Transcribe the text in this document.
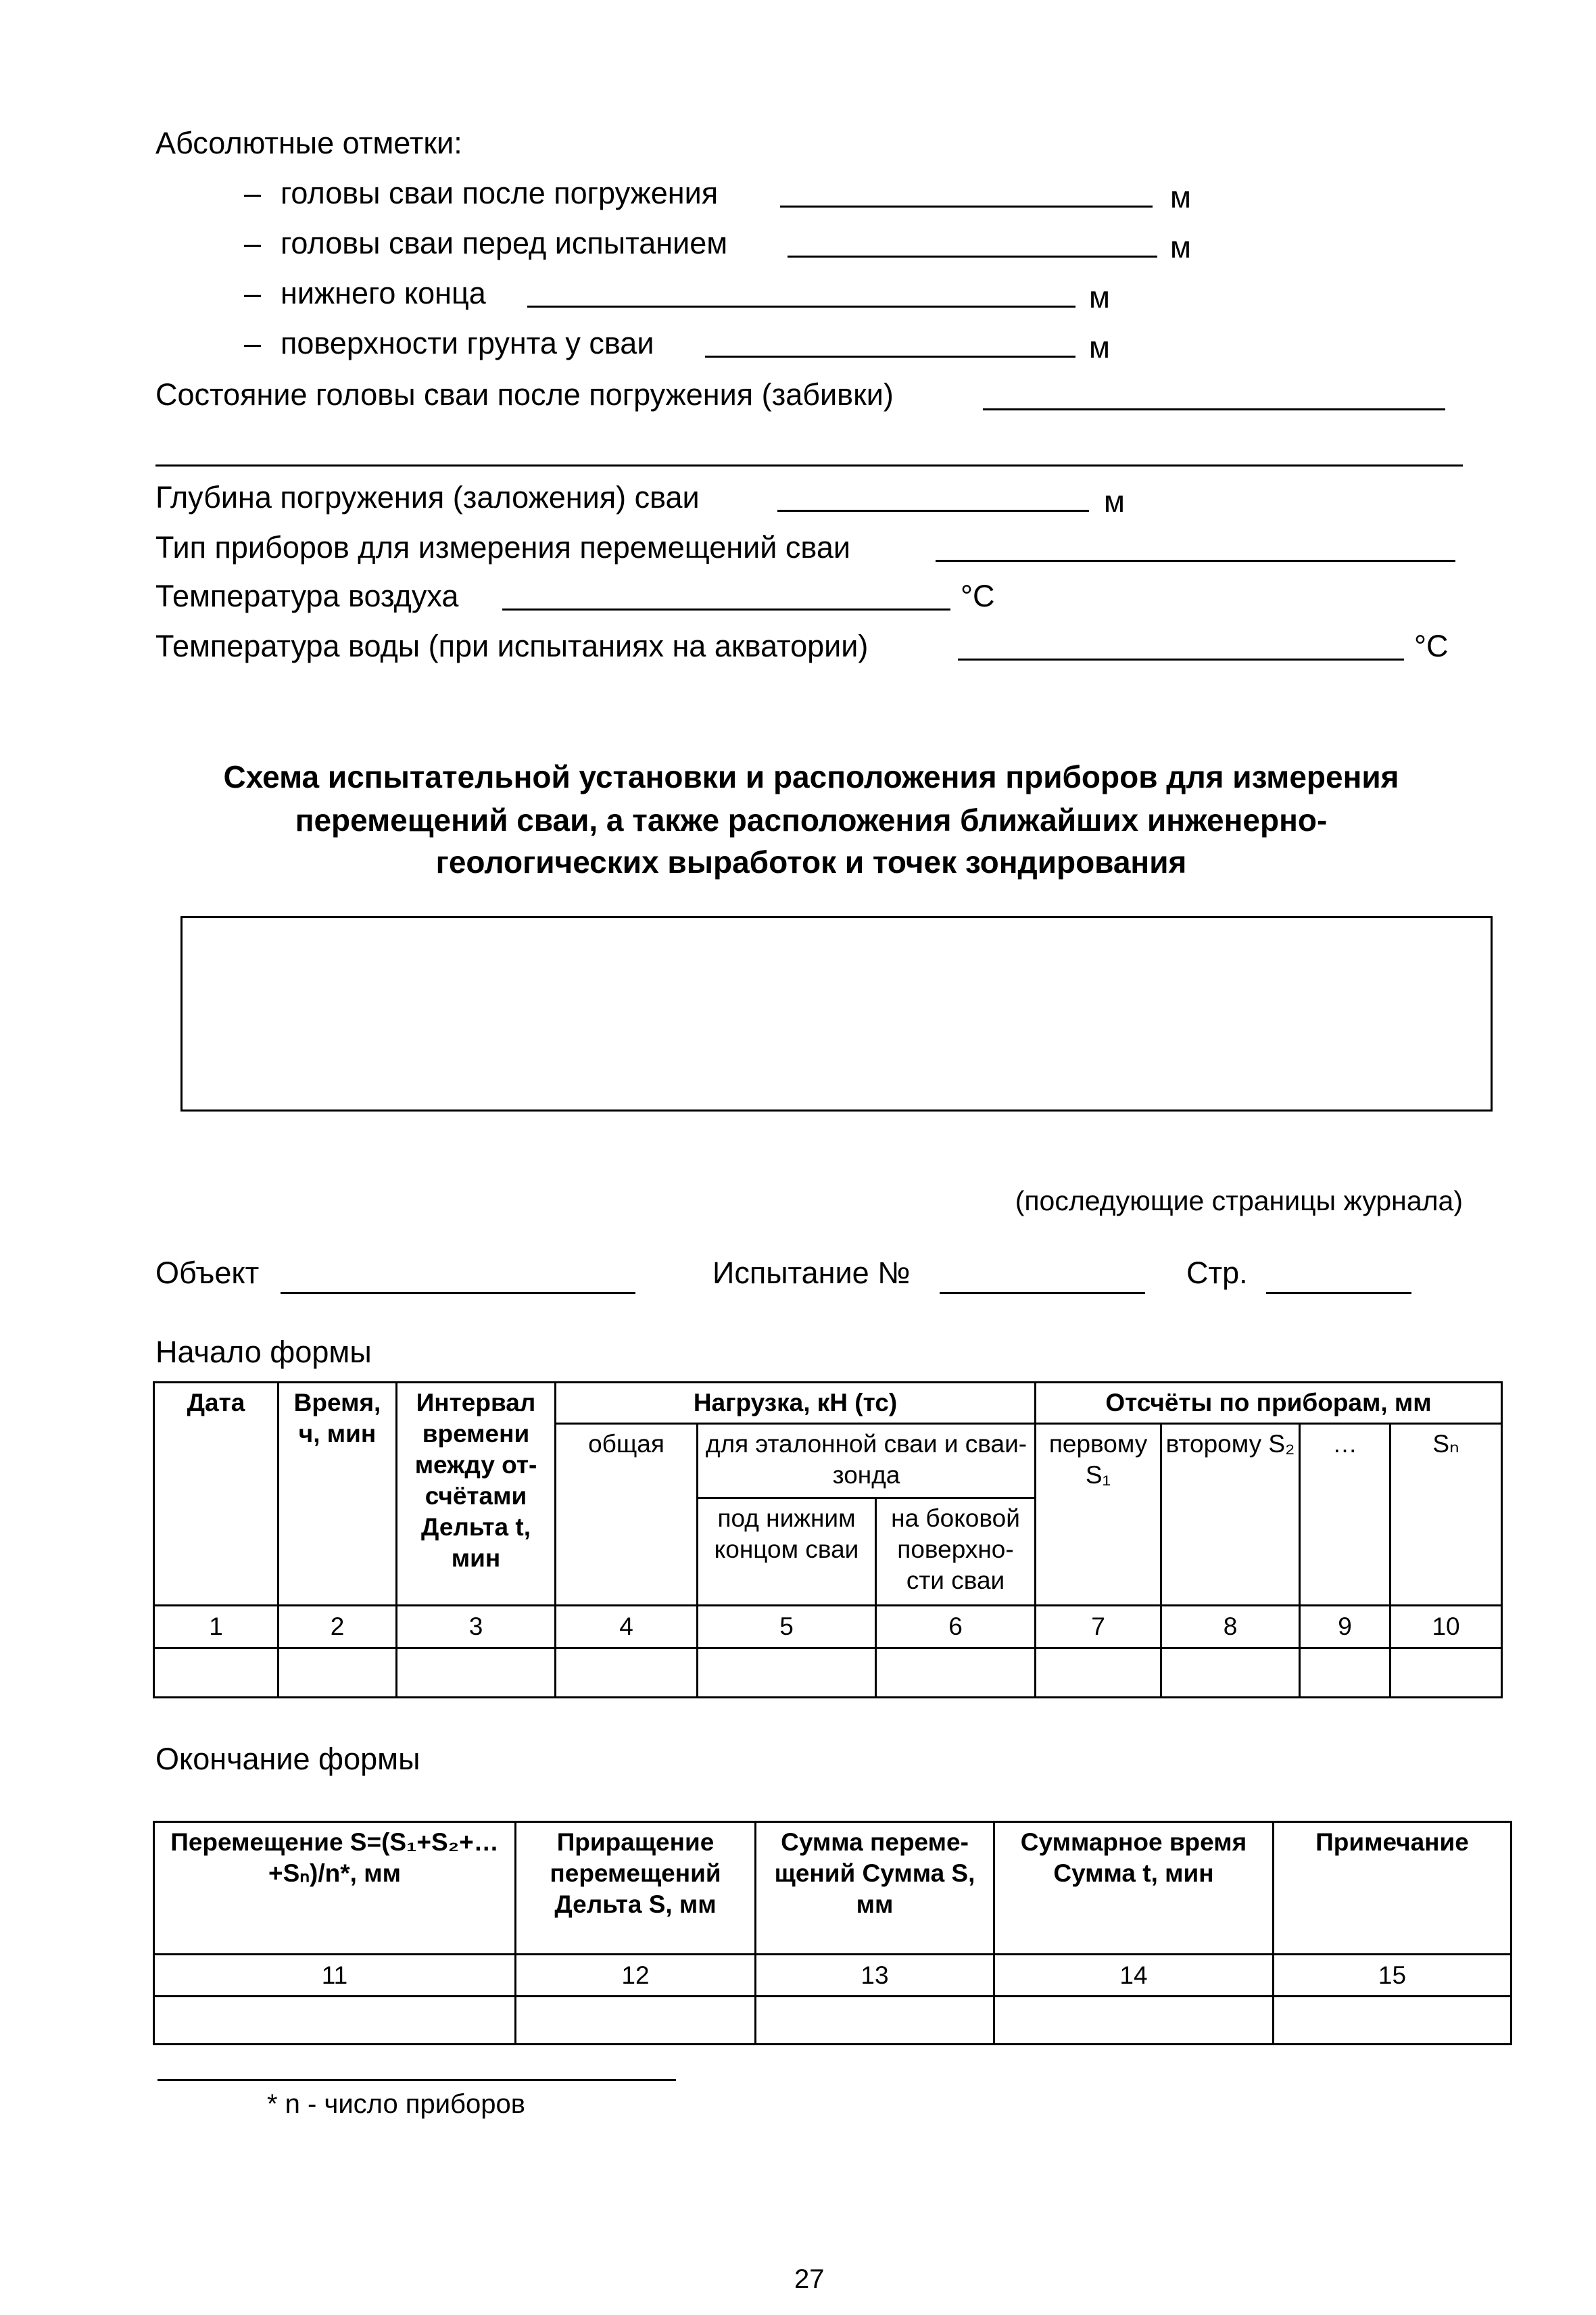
Абсолютные отметки:
– головы сваи после погружения	м
– головы сваи перед испытанием	м
– нижнего конца	м
– поверхности грунта у сваи	м
Состояние головы сваи после погружения (забивки)
Глубина погружения (заложения) сваи	м
Тип приборов для измерения перемещений сваи
Температура воздуха	°C
Температура воды (при испытаниях на акватории)	°C
Схема испытательной установки и расположения приборов для измерения
перемещений сваи, а также расположения ближайших инженерно-
геологических выработок и точек зондирования
(последующие страницы журнала)
Объект	Испытание №	Стр.
Начало формы
Дата	Время, ч, мин	Интервал времени между от-счётами Дельта t, мин	Нагрузка, кН (тс)			Отсчёты по приборам, мм			
			общая	для эталонной сваи и сваи-зонда		первому S₁	второму S₂	…	Sₙ
				под нижним концом сваи	на боковой поверхно-сти сваи				
1	2	3	4	5	6	7	8	9	10

Окончание формы
Перемещение S=(S₁+S₂+…+Sₙ)/n*, мм	Приращение перемещений Дельта S, мм	Сумма переме-щений Сумма S, мм	Суммарное время Сумма t, мин	Примечание
11	12	13	14	15

* n - число приборов
27
